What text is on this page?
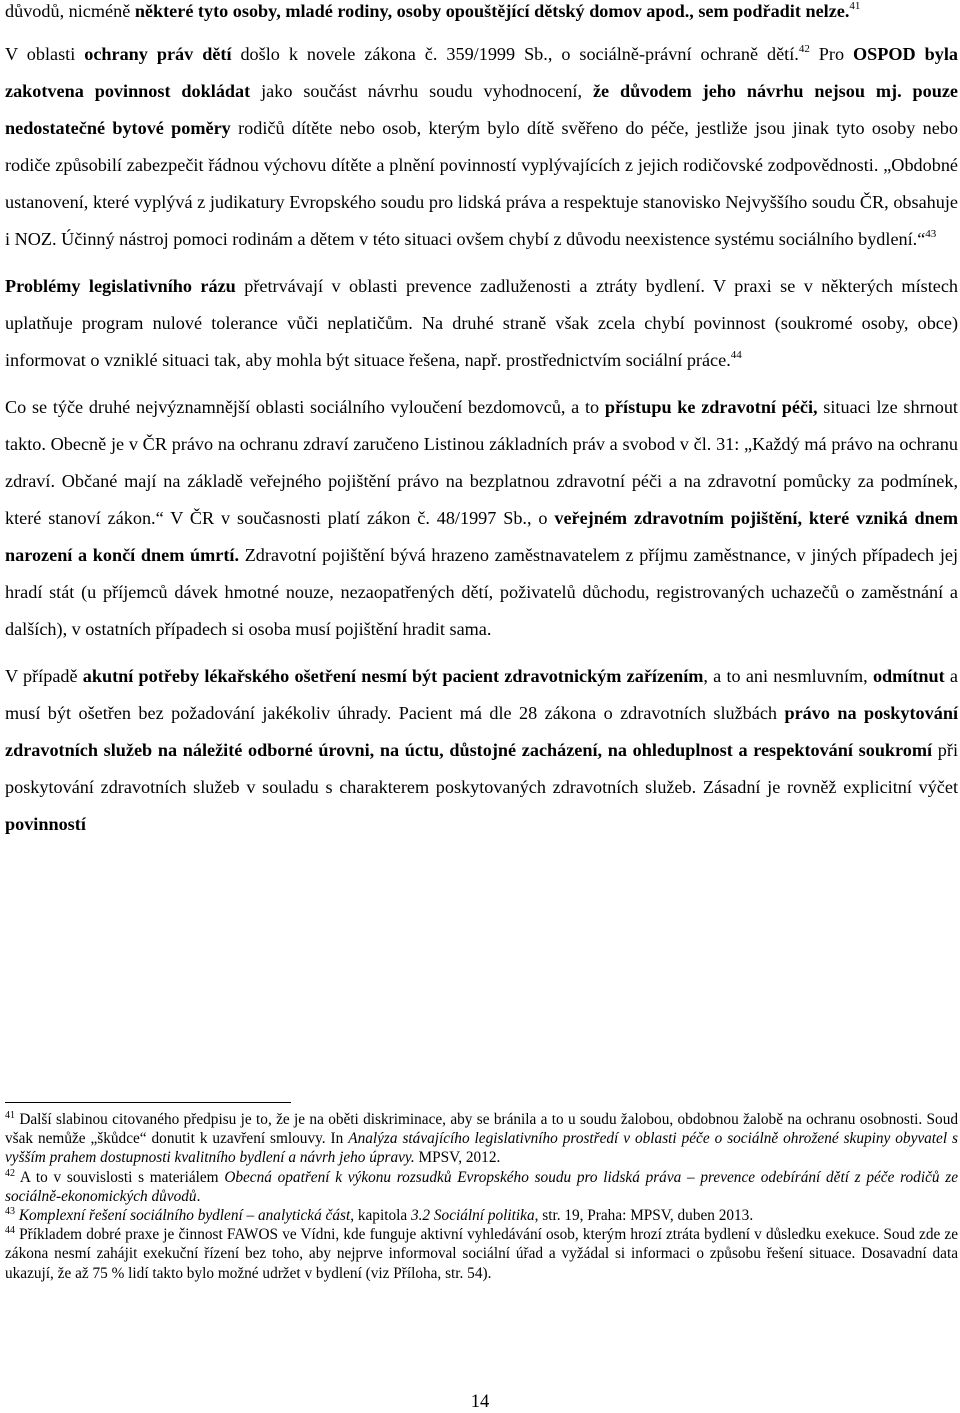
důvodů, nicméně některé tyto osoby, mladé rodiny, osoby opouštějící dětský domov apod., sem podřadit nelze.$^{41}$

V oblasti ochrany práv dětí došlo k novele zákona č. 359/1999 Sb., o sociálně-právní ochraně dětí.$^{42}$ Pro OSPOD byla zakotvena povinnost dokládat jako součást návrhu soudu vyhodnocení, že důvodem jeho návrhu nejsou mj. pouze nedostatečné bytové poměry rodičů dítěte nebo osob, kterým bylo dítě svěřeno do péče, jestliže jsou jinak tyto osoby nebo rodiče způsobilí zabezpečit řádnou výchovu dítěte a plnění povinností vyplývajících z jejich rodičovské zodpovědnosti. „Obdobné ustanovení, které vyplývá z judikatury Evropského soudu pro lidská práva a respektuje stanovisko Nejvyššího soudu ČR, obsahuje i NOZ. Účinný nástroj pomoci rodinám a dětem v této situaci ovšem chybí z důvodu neexistence systému sociálního bydlení.“$^{43}$

Problémy legislativního rázu přetrvávají v oblasti prevence zadluženosti a ztráty bydlení. V praxi se v některých místech uplatňuje program nulové tolerance vůči neplatičům. Na druhé straně však zcela chybí povinnost (soukromé osoby, obce) informovat o vzniklé situaci tak, aby mohla být situace řešena, např. prostřednictvím sociální práce.$^{44}$

Co se týče druhé nejvýznamnější oblasti sociálního vyloučení bezdomovců, a to přístupu ke zdravotní péči, situaci lze shrnout takto. Obecně je v ČR právo na ochranu zdraví zaručeno Listinou základních práv a svobod v čl. 31: „Každý má právo na ochranu zdraví. Občané mají na základě veřejného pojištění právo na bezplatnou zdravotní péči a na zdravotní pomůcky za podmínek, které stanoví zákon.“ V ČR v současnosti platí zákon č. 48/1997 Sb., o veřejném zdravotním pojištění, které vzniká dnem narození a končí dnem úmrtí. Zdravotní pojištění bývá hrazeno zaměstnavatelem z příjmu zaměstnance, v jiných případech jej hradí stát (u příjemců dávek hmotné nouze, nezaopatřených dětí, poživatelů důchodu, registrovaných uchazečů o zaměstnání a dalších), v ostatních případech si osoba musí pojištění hradit sama.

V případě akutní potřeby lékařského ošetření nesmí být pacient zdravotnickým zařízením, a to ani nesmluvním, odmítnut a musí být ošetřen bez požadování jakékoliv úhrady. Pacient má dle 28 zákona o zdravotních službách právo na poskytování zdravotních služeb na náležité odborné úrovni, na úctu, důstojné zacházení, na ohleduplnost a respektování soukromí při poskytování zdravotních služeb v souladu s charakterem poskytovaných zdravotních služeb. Zásadní je rovněž explicitní výčet povinností

$^{41}$ Další slabinou citovaného předpisu je to, že je na oběti diskriminace, aby se bránila a to u soudu žalobou, obdobnou žalobě na ochranu osobnosti. Soud však nemůže „škůdce“ donutit k uzavření smlouvy. In Analýza stávajícího legislativního prostředí v oblasti péče o sociálně ohrožené skupiny obyvatel s vyšším prahem dostupnosti kvalitního bydlení a návrh jeho úpravy. MPSV, 2012.

$^{42}$ A to v souvislosti s materiálem Obecná opatření k výkonu rozsudků Evropského soudu pro lidská práva – prevence odebírání dětí z péče rodičů ze sociálně-ekonomických důvodů.

$^{43}$ Komplexní řešení sociálního bydlení – analytická část, kapitola 3.2 Sociální politika, str. 19, Praha: MPSV, duben 2013.

$^{44}$ Příkladem dobré praxe je činnost FAWOS ve Vídni, kde funguje aktivní vyhledávání osob, kterým hrozí ztráta bydlení v důsledku exekuce. Soud zde ze zákona nesmí zahájit exekuční řízení bez toho, aby nejprve informoval sociální úřad a vyžádal si informaci o způsobu řešení situace. Dosavadní data ukazují, že až 75 % lidí takto bylo možné udržet v bydlení (viz Příloha, str. 54).

14
